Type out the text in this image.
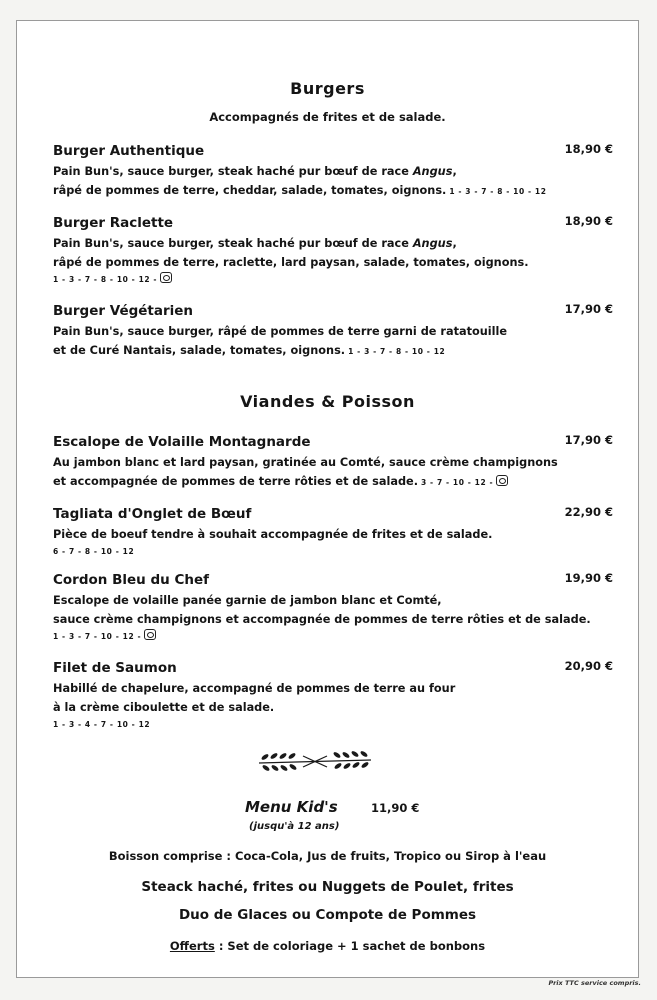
Burgers
Accompagnés de frites et de salade.
Burger Authentique	18,90 €
Pain Bun's, sauce burger, steak haché pur bœuf de race Angus,
râpé de pommes de terre, cheddar, salade, tomates, oignons. 1 - 3 - 7 - 8 - 10 - 12
Burger Raclette	18,90 €
Pain Bun's, sauce burger, steak haché pur bœuf de race Angus,
râpé de pommes de terre, raclette, lard paysan, salade, tomates, oignons.
1 - 3 - 7 - 8 - 10 - 12 -
Burger Végétarien	17,90 €
Pain Bun's, sauce burger, râpé de pommes de terre garni de ratatouille
et de Curé Nantais, salade, tomates, oignons. 1 - 3 - 7 - 8 - 10 - 12
Viandes & Poisson
Escalope de Volaille Montagnarde	17,90 €
Au jambon blanc et lard paysan, gratinée au Comté, sauce crème champignons
et accompagnée de pommes de terre rôties et de salade. 3 - 7 - 10 - 12 -
Tagliata d'Onglet de Bœuf	22,90 €
Pièce de boeuf tendre à souhait accompagnée de frites et de salade.
6 - 7 - 8 - 10 - 12
Cordon Bleu du Chef	19,90 €
Escalope de volaille panée garnie de jambon blanc et Comté,
sauce crème champignons et accompagnée de pommes de terre rôties et de salade.
1 - 3 - 7 - 10 - 12 -
Filet de Saumon	20,90 €
Habillé de chapelure, accompagné de pommes de terre au four
à la crème ciboulette et de salade.
1 - 3 - 4 - 7 - 10 - 12
Menu Kid's	11,90 €
(jusqu'à 12 ans)
Boisson comprise : Coca-Cola, Jus de fruits, Tropico ou Sirop à l'eau
Steack haché, frites ou Nuggets de Poulet, frites
Duo de Glaces ou Compote de Pommes
Offerts : Set de coloriage + 1 sachet de bonbons
Prix TTC service compris.
